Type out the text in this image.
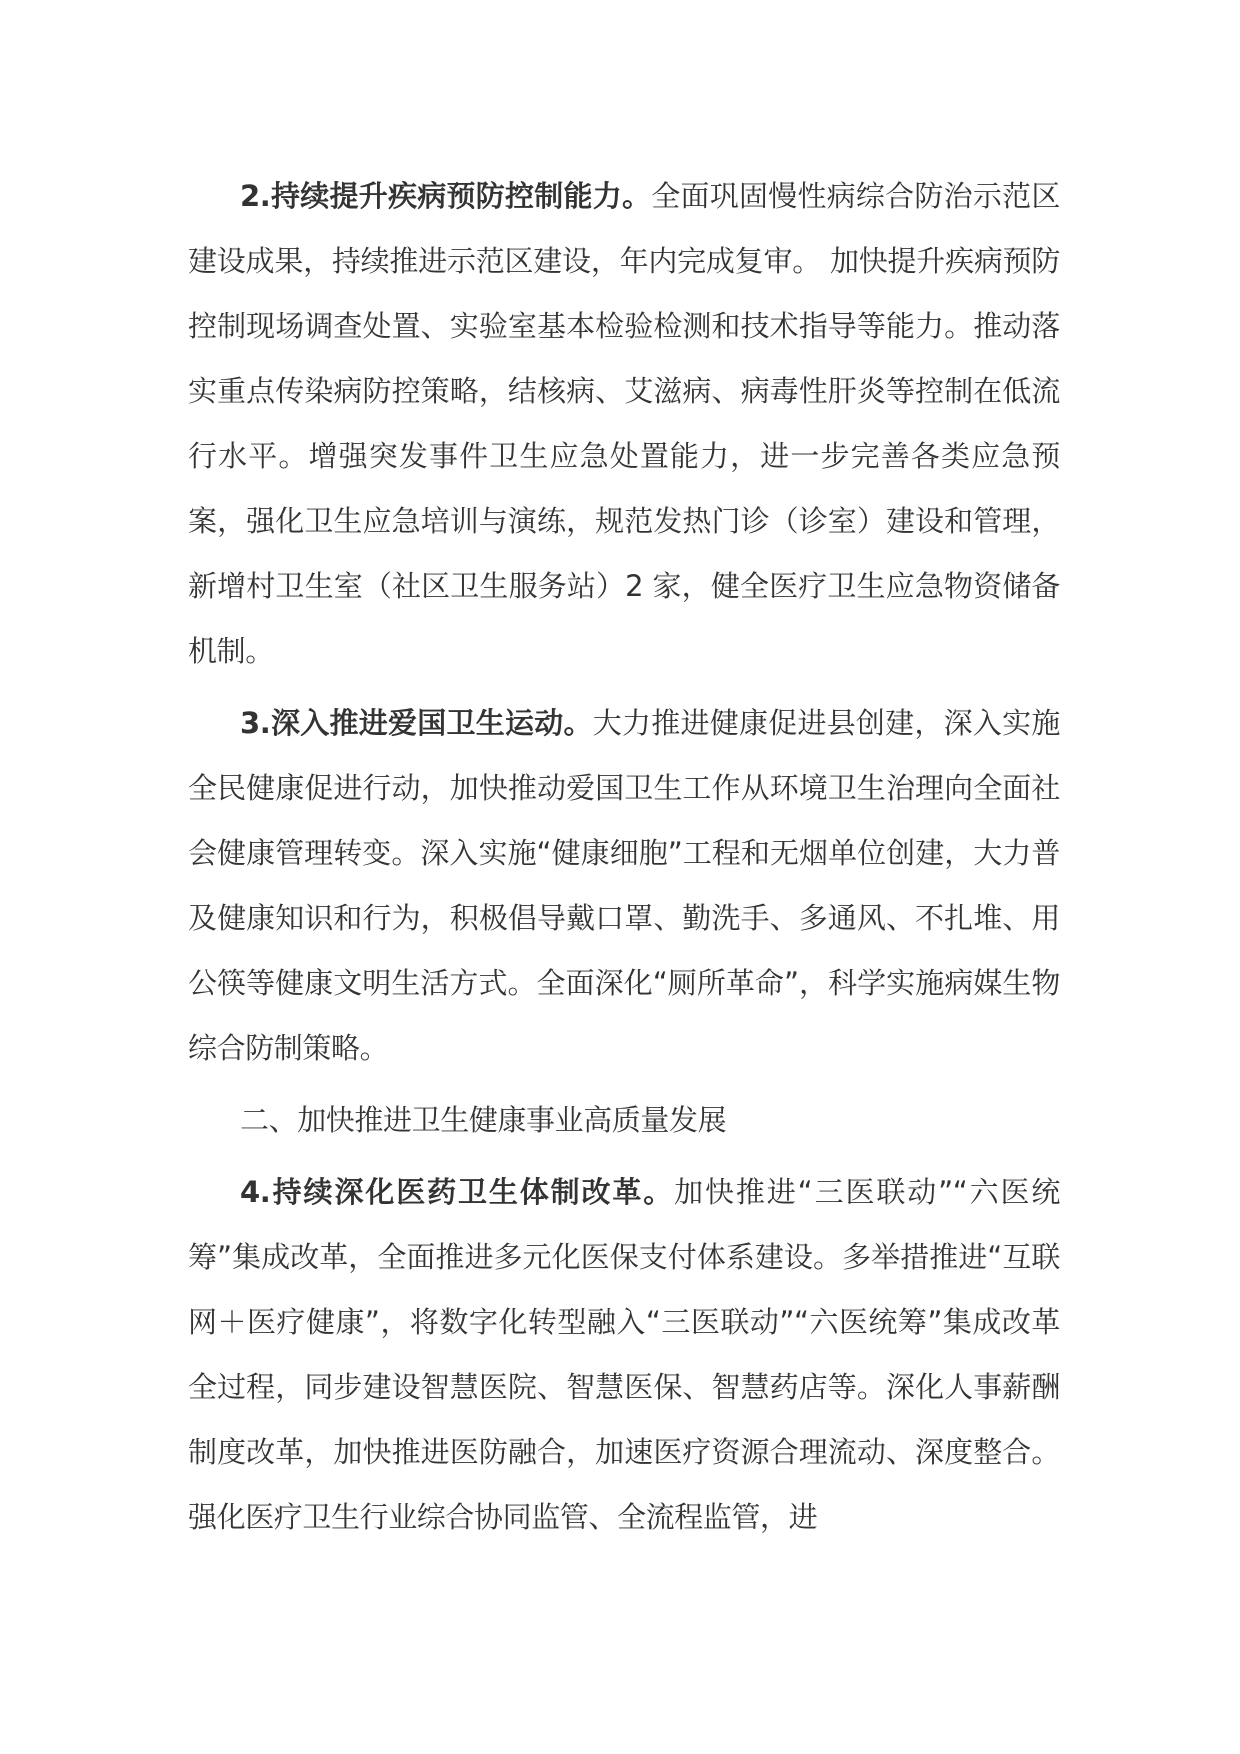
2.持续提升疾病预防控制能力。全面巩固慢性病综合防治示范区建设成果，持续推进示范区建设，年内完成复审。 加快提升疾病预防控制现场调查处置、实验室基本检验检测和技术指导等能力。推动落实重点传染病防控策略，结核病、艾滋病、病毒性肝炎等控制在低流行水平。增强突发事件卫生应急处置能力，进一步完善各类应急预案，强化卫生应急培训与演练，规范发热门诊（诊室）建设和管理，新增村卫生室（社区卫生服务站）2 家，健全医疗卫生应急物资储备机制。

3.深入推进爱国卫生运动。大力推进健康促进县创建，深入实施全民健康促进行动，加快推动爱国卫生工作从环境卫生治理向全面社会健康管理转变。深入实施“健康细胞”工程和无烟单位创建，大力普及健康知识和行为，积极倡导戴口罩、勤洗手、多通风、不扎堆、用公筷等健康文明生活方式。全面深化“厕所革命”，科学实施病媒生物综合防制策略。

二、加快推进卫生健康事业高质量发展

4.持续深化医药卫生体制改革。加快推进“三医联动”“六医统筹”集成改革，全面推进多元化医保支付体系建设。多举措推进“互联网＋医疗健康”，将数字化转型融入“三医联动”“六医统筹”集成改革全过程，同步建设智慧医院、智慧医保、智慧药店等。深化人事薪酬制度改革，加快推进医防融合，加速医疗资源合理流动、深度整合。强化医疗卫生行业综合协同监管、全流程监管，进
